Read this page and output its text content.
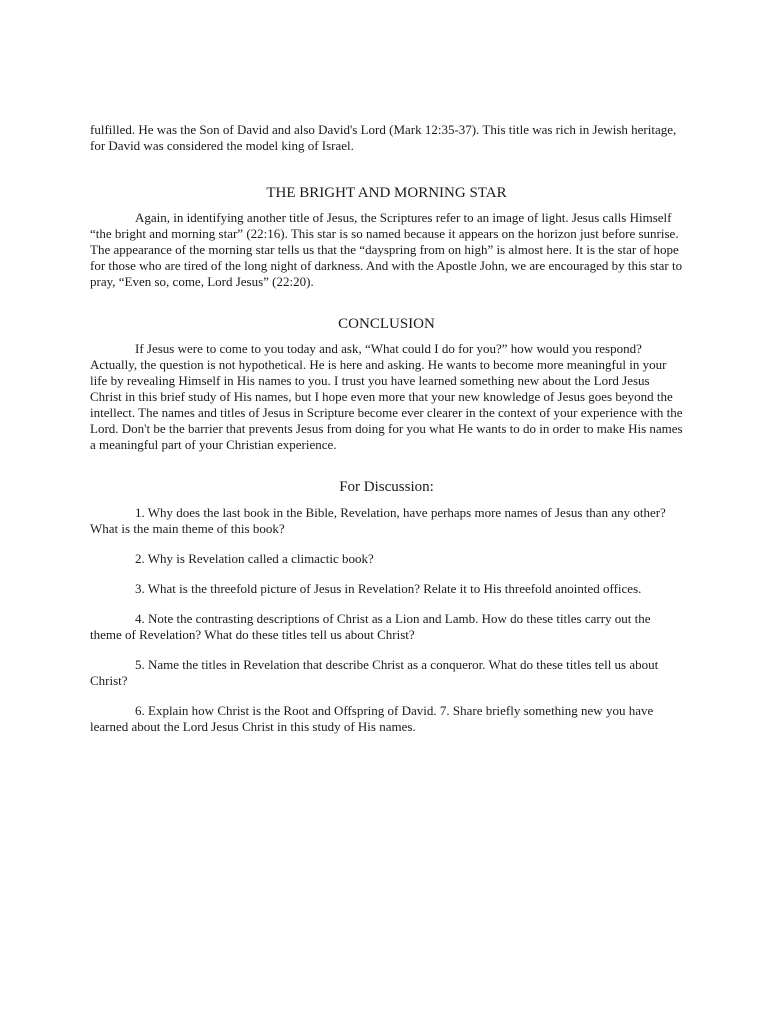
fulfilled. He was the Son of David and also David's Lord (Mark 12:35-37). This title was rich in Jewish heritage, for David was considered the model king of Israel.

THE BRIGHT AND MORNING STAR

Again, in identifying another title of Jesus, the Scriptures refer to an image of light. Jesus calls Himself “the bright and morning star” (22:16). This star is so named because it appears on the horizon just before sunrise. The appearance of the morning star tells us that the “dayspring from on high” is almost here. It is the star of hope for those who are tired of the long night of darkness. And with the Apostle John, we are encouraged by this star to pray, “Even so, come, Lord Jesus” (22:20).

CONCLUSION

If Jesus were to come to you today and ask, “What could I do for you?” how would you respond? Actually, the question is not hypothetical. He is here and asking. He wants to become more meaningful in your life by revealing Himself in His names to you. I trust you have learned something new about the Lord Jesus Christ in this brief study of His names, but I hope even more that your new knowledge of Jesus goes beyond the intellect. The names and titles of Jesus in Scripture become ever clearer in the context of your experience with the Lord. Don't be the barrier that prevents Jesus from doing for you what He wants to do in order to make His names a meaningful part of your Christian experience.

For Discussion:

1. Why does the last book in the Bible, Revelation, have perhaps more names of Jesus than any other? What is the main theme of this book?

2. Why is Revelation called a climactic book?

3. What is the threefold picture of Jesus in Revelation? Relate it to His threefold anointed offices.

4. Note the contrasting descriptions of Christ as a Lion and Lamb. How do these titles carry out the theme of Revelation? What do these titles tell us about Christ?

5. Name the titles in Revelation that describe Christ as a conqueror. What do these titles tell us about Christ?

6. Explain how Christ is the Root and Offspring of David. 7. Share briefly something new you have learned about the Lord Jesus Christ in this study of His names.
